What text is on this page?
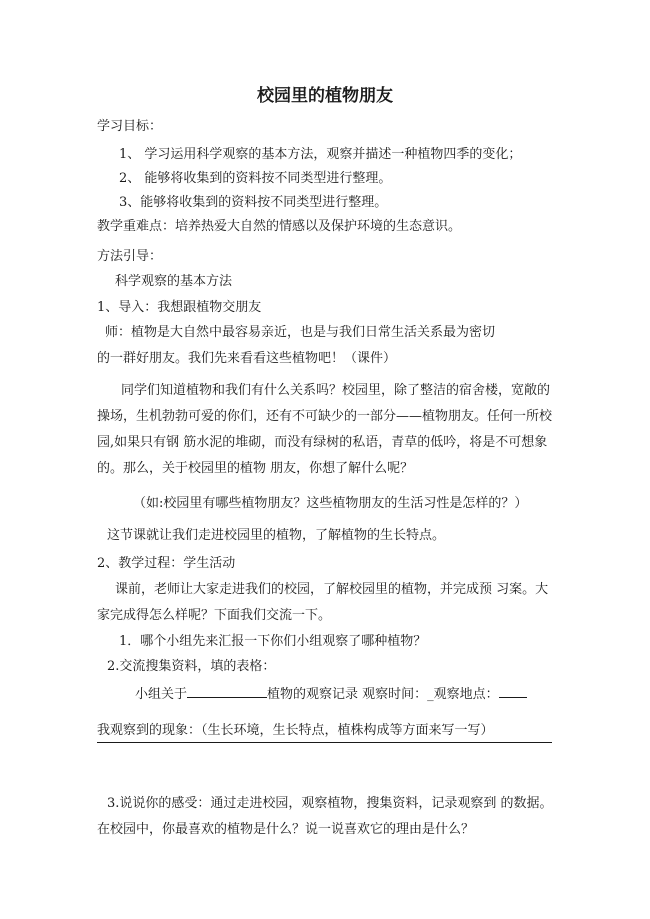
校园里的植物朋友
学习目标：
1、 学习运用科学观察的基本方法，观察并描述一种植物四季的变化；
2、 能够将收集到的资料按不同类型进行整理。
3、能够将收集到的资料按不同类型进行整理。
教学重难点：培养热爱大自然的情感以及保护环境的生态意识。
方法引导：
科学观察的基本方法
1、导入：我想跟植物交朋友
师：植物是大自然中最容易亲近，也是与我们日常生活关系最为密切
的一群好朋友。我们先来看看这些植物吧！（课件）
同学们知道植物和我们有什么关系吗？校园里，除了整洁的宿舍楼，宽敞的
操场，生机勃勃可爱的你们，还有不可缺少的一部分——植物朋友。任何一所校
园,如果只有钢 筋水泥的堆砌，而没有绿树的私语，青草的低吟，将是不可想象
的。那么，关于校园里的植物 朋友，你想了解什么呢？
（如:校园里有哪些植物朋友？这些植物朋友的生活习性是怎样的？）
这节课就让我们走进校园里的植物，了解植物的生长特点。
2、教学过程：学生活动
课前，老师让大家走进我们的校园，了解校园里的植物，并完成预 习案。大
家完成得怎么样呢？下面我们交流一下。
1．哪个小组先来汇报一下你们小组观察了哪种植物？
2.交流搜集资料，填的表格：
小组关于	植物的观察记录 观察时间：_观察地点：
我观察到的现象：（生长环境，生长特点，植株构成等方面来写一写）
3.说说你的感受：通过走进校园，观察植物，搜集资料，记录观察到 的数据。
在校园中，你最喜欢的植物是什么？说一说喜欢它的理由是什么？
